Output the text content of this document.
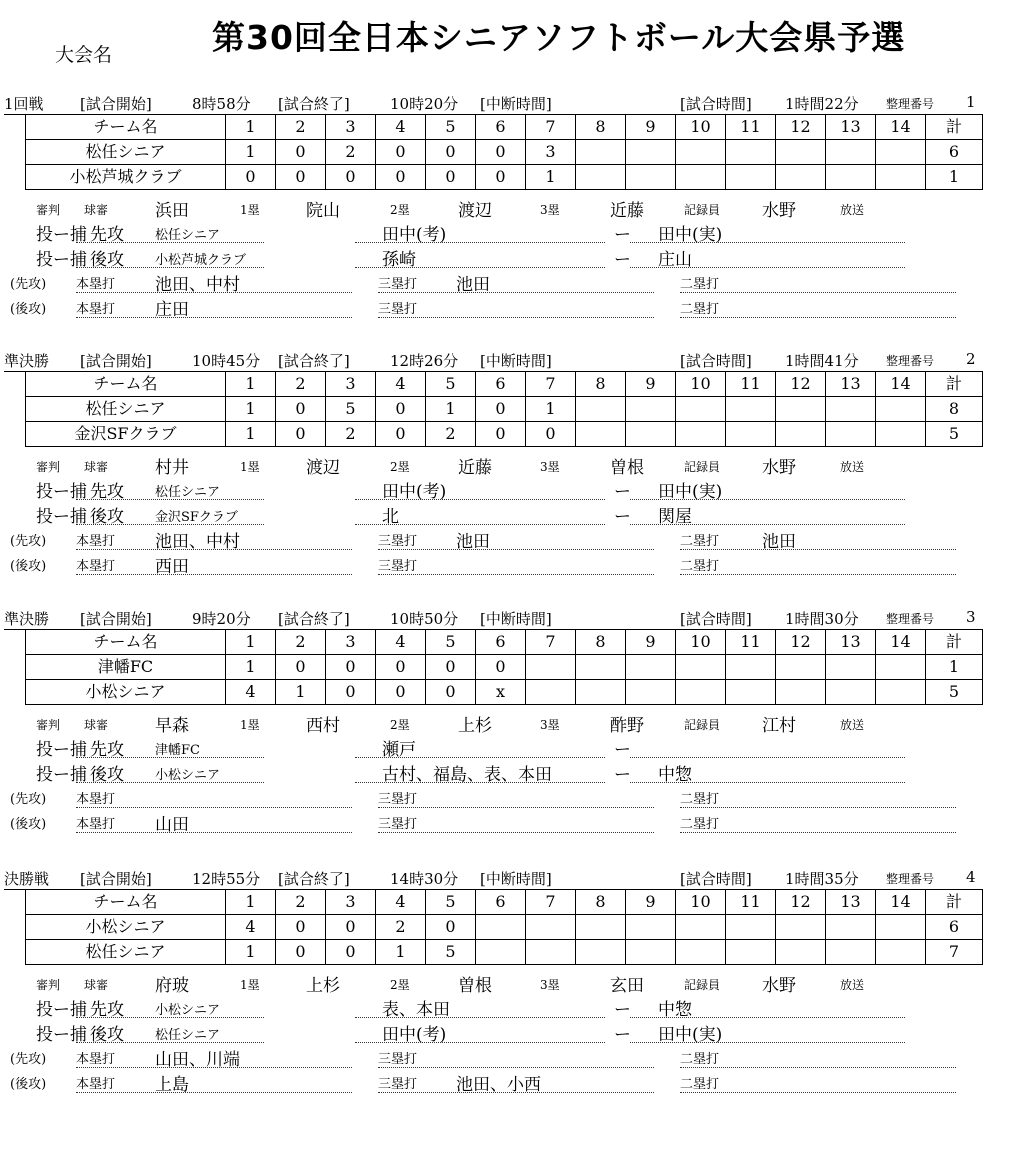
大会名	第30回全日本シニアソフトボール大会県予選
1回戦 [試合開始]	8時58分 [試合終了]	10時20分 [中断時間]	[試合時間] 1時間22分 整理番号 1
チーム名	1	2	3	4	5	6	7	8	9	10	11	12	13	14	計
松任シニア	1	0	2	0	0	0	3								6
小松芦城クラブ	0	0	0	0	0	0	1								1
審判 球審	浜田	1塁	院山	2塁	渡辺	3塁	近藤	記録員 水野	放送
投ー捕 先攻 松任シニア	田中(考)	ー 田中(実)
投ー捕 後攻 小松芦城クラブ	孫崎	ー 庄山
(先攻) 本塁打 池田、中村	三塁打 池田	二塁打
(後攻) 本塁打 庄田	三塁打	二塁打
準決勝 [試合開始]	10時45分 [試合終了]	12時26分 [中断時間]	[試合時間] 1時間41分 整理番号 2
チーム名	1	2	3	4	5	6	7	8	9	10	11	12	13	14	計
松任シニア	1	0	5	0	1	0	1								8
金沢SFクラブ	1	0	2	0	2	0	0								5
審判 球審	村井	1塁	渡辺	2塁	近藤	3塁	曽根	記録員 水野	放送
投ー捕 先攻 松任シニア	田中(考)	ー 田中(実)
投ー捕 後攻 金沢SFクラブ	北	ー 関屋
(先攻) 本塁打 池田、中村	三塁打 池田	二塁打	池田
(後攻) 本塁打 西田	三塁打	二塁打
準決勝 [試合開始]	9時20分 [試合終了]	10時50分 [中断時間]	[試合時間] 1時間30分 整理番号 3
チーム名	1	2	3	4	5	6	7	8	9	10	11	12	13	14	計
津幡FC	1	0	0	0	0	0									1
小松シニア	4	1	0	0	0	x									5
審判 球審	早森	1塁	西村	2塁	上杉	3塁	酢野	記録員 江村	放送
投ー捕 先攻 津幡FC	瀬戸	ー
投ー捕 後攻 小松シニア	古村、福島、表、本田	ー 中惣
(先攻) 本塁打	三塁打	二塁打
(後攻) 本塁打 山田	三塁打	二塁打
決勝戦 [試合開始]	12時55分 [試合終了]	14時30分 [中断時間]	[試合時間] 1時間35分 整理番号 4
チーム名	1	2	3	4	5	6	7	8	9	10	11	12	13	14	計
小松シニア	4	0	0	2	0										6
松任シニア	1	0	0	1	5										7
審判 球審	府玻	1塁	上杉	2塁	曽根	3塁	玄田	記録員 水野	放送
投ー捕 先攻 小松シニア	表、本田	ー 中惣
投ー捕 後攻 松任シニア	田中(考)	ー 田中(実)
(先攻) 本塁打 山田、川端	三塁打	二塁打
(後攻) 本塁打 上島	三塁打 池田、小西	二塁打
